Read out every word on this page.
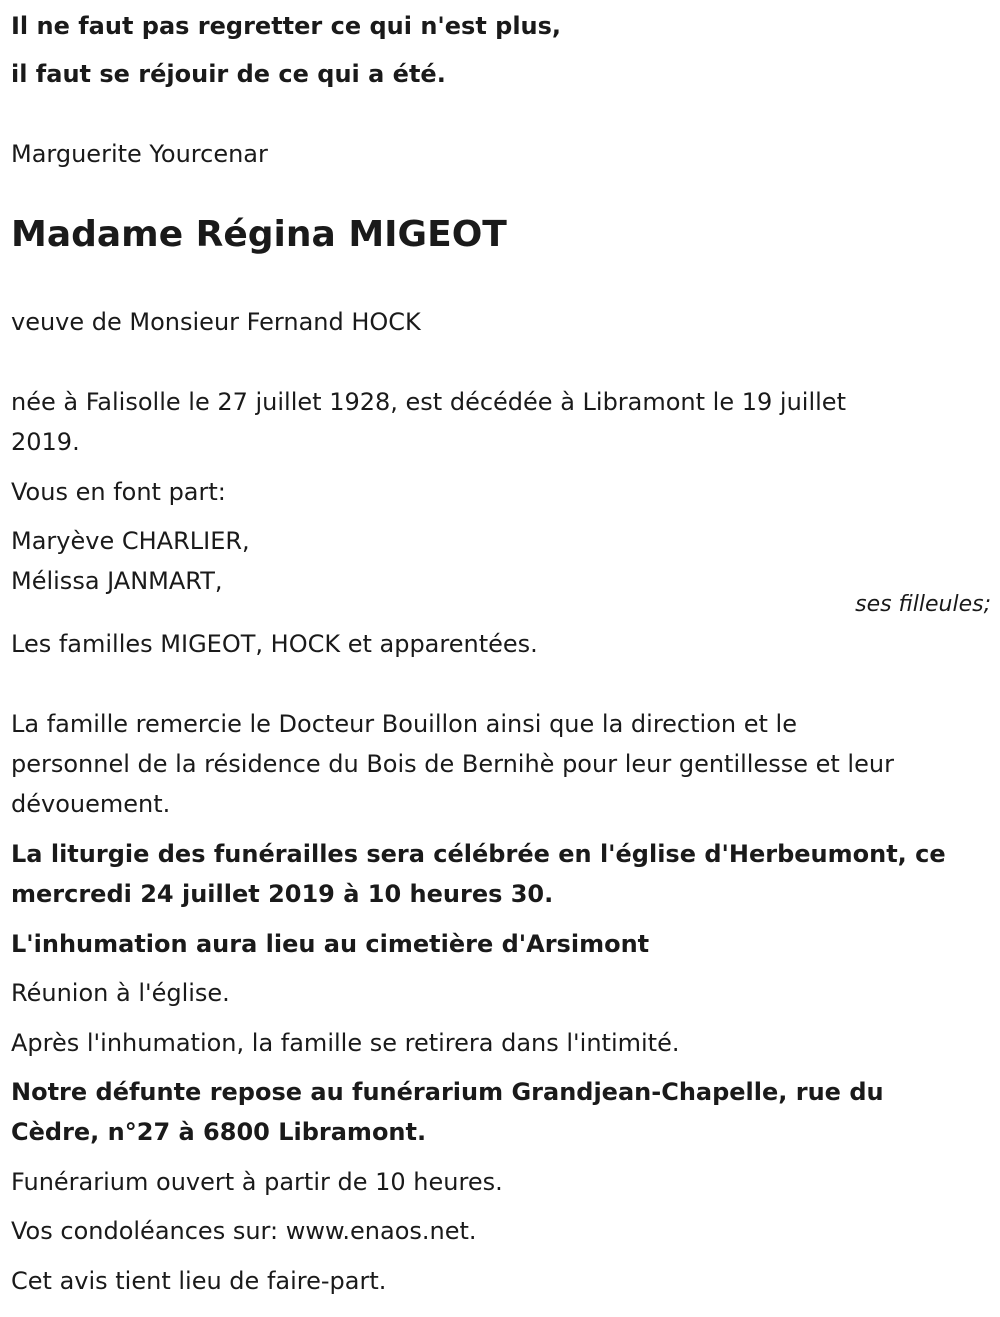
Il ne faut pas regretter ce qui n'est plus,

il faut se réjouir de ce qui a été.

Marguerite Yourcenar

Madame Régina MIGEOT

veuve de Monsieur Fernand HOCK

née à Falisolle le 27 juillet 1928, est décédée à Libramont le 19 juillet

2019.

Vous en font part:

Maryève CHARLIER,

Mélissa JANMART,

ses filleules;

Les familles MIGEOT, HOCK et apparentées.

La famille remercie le Docteur Bouillon ainsi que la direction et le

personnel de la résidence du Bois de Bernihè pour leur gentillesse et leur

dévouement.

La liturgie des funérailles sera célébrée en l'église d'Herbeumont, ce

mercredi 24 juillet 2019 à 10 heures 30.

L'inhumation aura lieu au cimetière d'Arsimont

Réunion à l'église.

Après l'inhumation, la famille se retirera dans l'intimité.

Notre défunte repose au funérarium Grandjean-Chapelle, rue du

Cèdre, n°27 à 6800 Libramont.

Funérarium ouvert à partir de 10 heures.

Vos condoléances sur: www.enaos.net.

Cet avis tient lieu de faire-part.
